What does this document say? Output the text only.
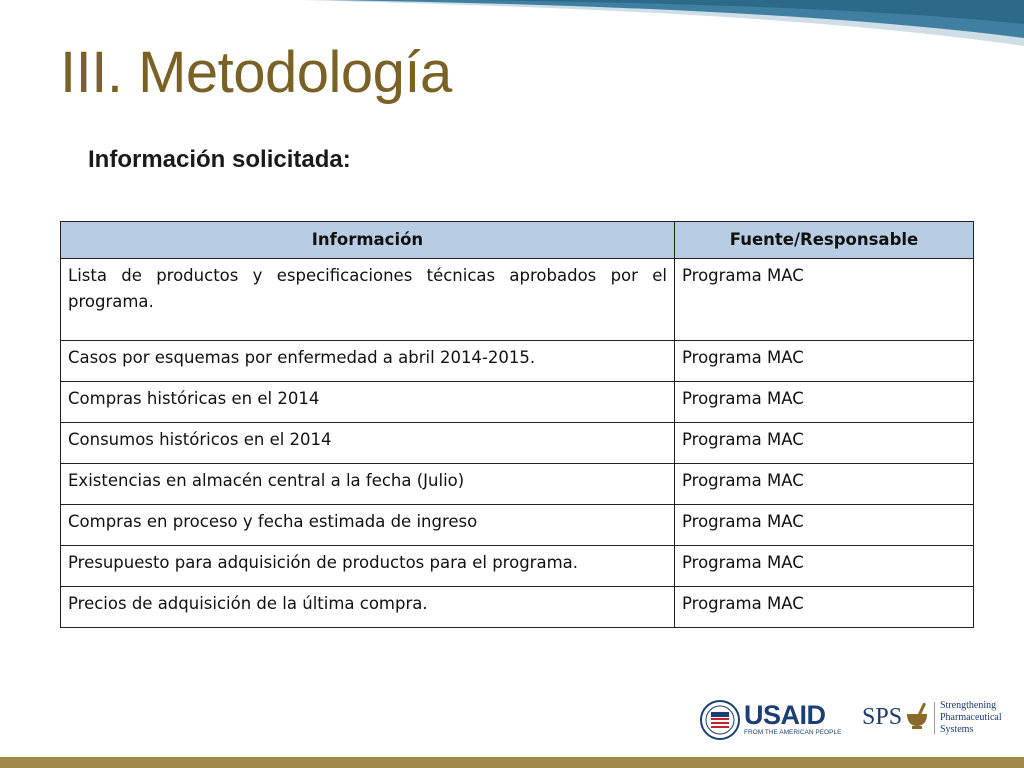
III. Metodología
Información solicitada:
Información	Fuente/Responsable
Lista de productos y especificaciones técnicas aprobados por el programa.	Programa MAC
Casos por esquemas por enfermedad a abril 2014-2015.	Programa MAC
Compras históricas en el 2014	Programa MAC
Consumos históricos en el 2014	Programa MAC
Existencias en almacén central a la fecha (Julio)	Programa MAC
Compras en proceso y fecha estimada de ingreso	Programa MAC
Presupuesto para adquisición de productos para el programa.	Programa MAC
Precios de adquisición de la última compra.	Programa MAC
USAID
FROM THE AMERICAN PEOPLE
SPS	Strengthening
Pharmaceutical
Systems
